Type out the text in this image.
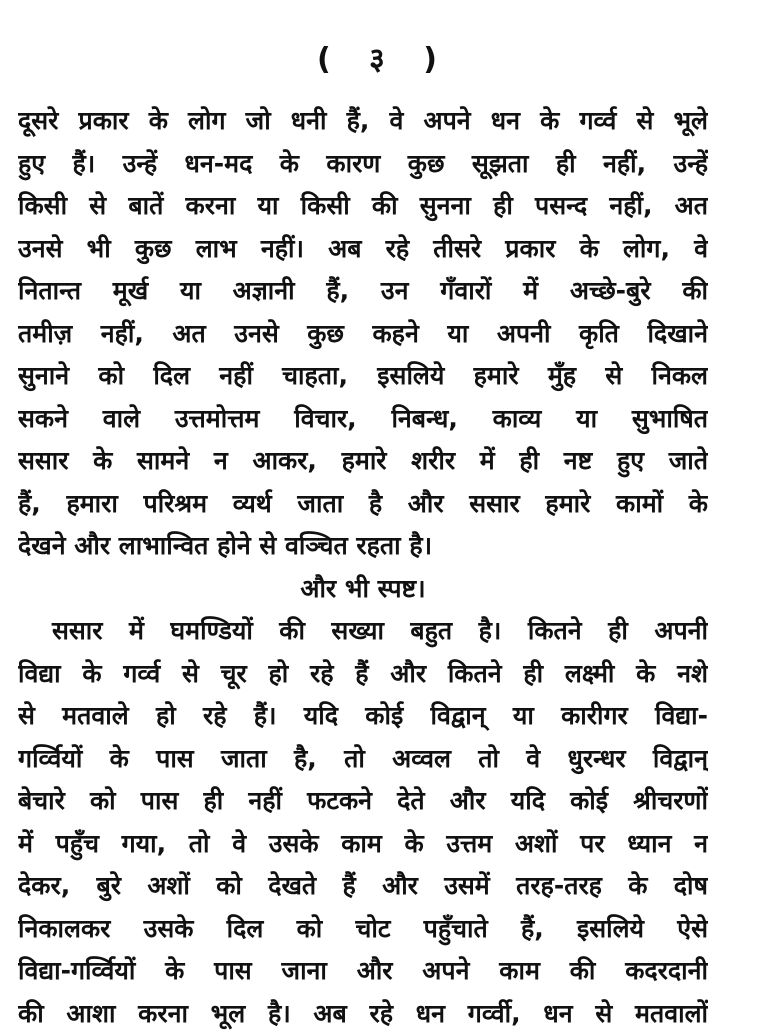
( ३ )
दूसरे प्रकार के लोग जो धनी हैं, वे अपने धन के गर्व्व से भूले
हुए हैं। उन्हें धन-मद के कारण कुछ सूझता ही नहीं, उन्हें
किसी से बातें करना या किसी की सुनना ही पसन्द नहीं, अत
उनसे भी कुछ लाभ नहीं। अब रहे तीसरे प्रकार के लोग, वे
नितान्त मूर्ख या अज्ञानी हैं, उन गँवारों में अच्छे-बुरे की
तमीज़ नहीं, अत उनसे कुछ कहने या अपनी कृति दिखाने
सुनाने को दिल नहीं चाहता, इसलिये हमारे मुँह से निकल
सकने वाले उत्तमोत्तम विचार, निबन्ध, काव्य या सुभाषित
ससार के सामने न आकर, हमारे शरीर में ही नष्ट हुए जाते
हैं, हमारा परिश्रम व्यर्थ जाता है और ससार हमारे कामों के
देखने और लाभान्वित होने से वञ्चित रहता है।
और भी स्पष्ट।
ससार में घमण्डियों की सख्या बहुत है। कितने ही अपनी
विद्या के गर्व्व से चूर हो रहे हैं और कितने ही लक्ष्मी के नशे
से मतवाले हो रहे हैं। यदि कोई विद्वान् या कारीगर विद्या-
गर्व्वियों के पास जाता है, तो अव्वल तो वे धुरन्धर विद्वान्
बेचारे को पास ही नहीं फटकने देते और यदि कोई श्रीचरणों
में पहुँच गया, तो वे उसके काम के उत्तम अशों पर ध्यान न
देकर, बुरे अशों को देखते हैं और उसमें तरह-तरह के दोष
निकालकर उसके दिल को चोट पहुँचाते हैं, इसलिये ऐसे
विद्या-गर्व्वियों के पास जाना और अपने काम की कदरदानी
की आशा करना भूल है। अब रहे धन गर्व्वी, धन से मतवालों
